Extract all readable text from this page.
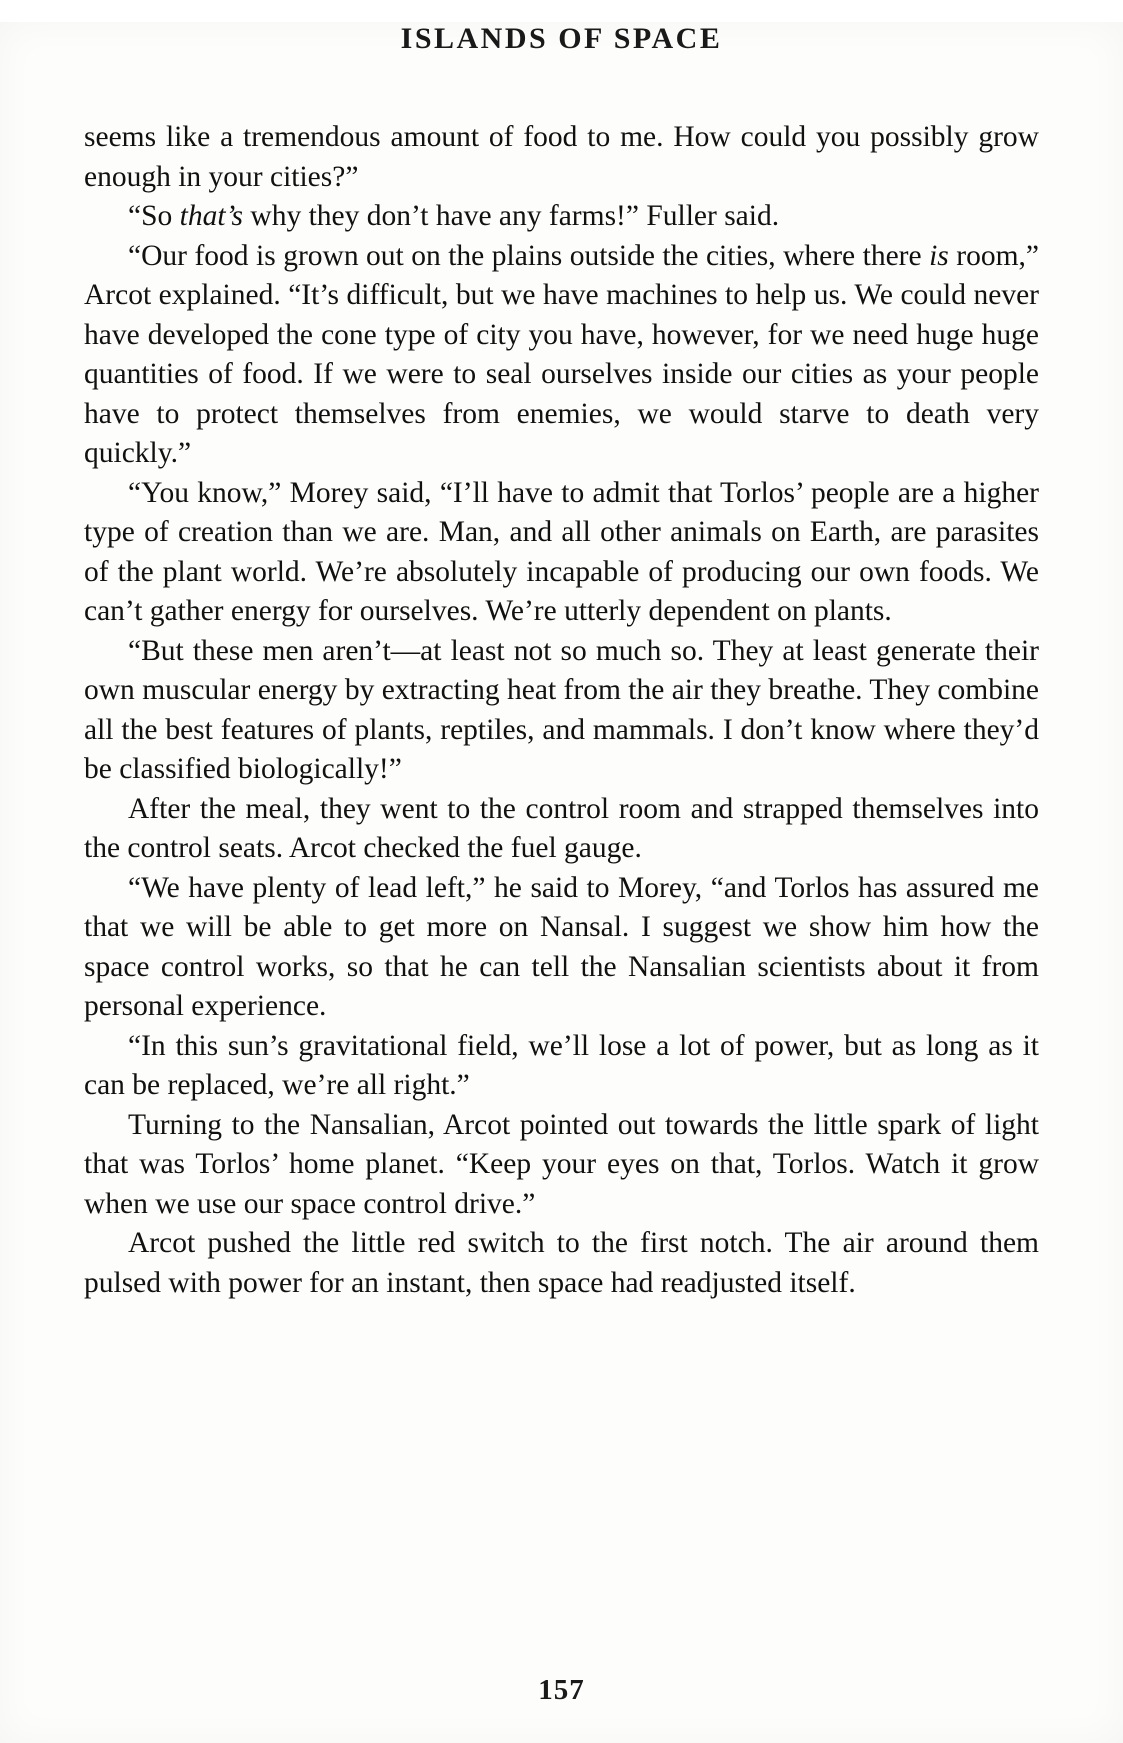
ISLANDS OF SPACE

seems like a tremendous amount of food to me. How could you possibly grow enough in your cities?”

“So that’s why they don’t have any farms!” Fuller said.

“Our food is grown out on the plains outside the cities, where there is room,” Arcot explained. “It’s difficult, but we have machines to help us. We could never have developed the cone type of city you have, however, for we need huge huge quantities of food. If we were to seal ourselves inside our cities as your people have to protect themselves from enemies, we would starve to death very quickly.”

“You know,” Morey said, “I’ll have to admit that Torlos’ people are a higher type of creation than we are. Man, and all other animals on Earth, are parasites of the plant world. We’re absolutely incapable of producing our own foods. We can’t gather energy for ourselves. We’re utterly dependent on plants.

“But these men aren’t—at least not so much so. They at least generate their own muscular energy by extracting heat from the air they breathe. They combine all the best features of plants, reptiles, and mammals. I don’t know where they’d be classified biologically!”

After the meal, they went to the control room and strapped themselves into the control seats. Arcot checked the fuel gauge.

“We have plenty of lead left,” he said to Morey, “and Torlos has assured me that we will be able to get more on Nansal. I suggest we show him how the space control works, so that he can tell the Nansalian scientists about it from personal experience.

“In this sun’s gravitational field, we’ll lose a lot of power, but as long as it can be replaced, we’re all right.”

Turning to the Nansalian, Arcot pointed out towards the little spark of light that was Torlos’ home planet. “Keep your eyes on that, Torlos. Watch it grow when we use our space control drive.”

Arcot pushed the little red switch to the first notch. The air around them pulsed with power for an instant, then space had readjusted itself.

157
